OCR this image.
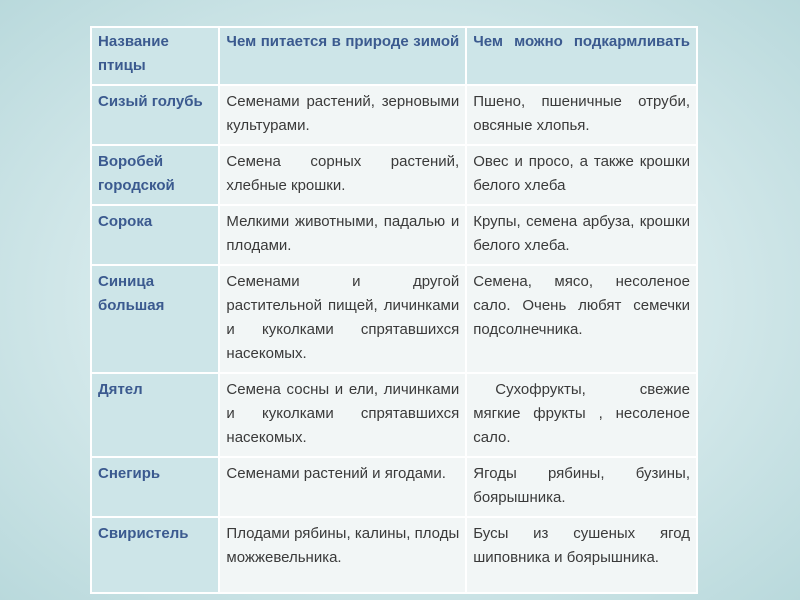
Название птицы	Чем питается в природе зимой	Чем можно подкармливать
Сизый голубь	Семенами растений, зерновыми культурами.	Пшено, пшеничные отруби, овсяные хлопья.
Воробей городской	Семена сорных растений, хлебные крошки.	Овес и просо, а также крошки белого хлеба
Сорока	Мелкими животными, падалью и плодами.	Крупы, семена арбуза, крошки белого хлеба.
Синица большая	Семенами и другой растительной пищей, личинками и куколками спрятавшихся насекомых.	Семена, мясо, несоленое сало. Очень любят семечки подсолнечника.
Дятел	Семена сосны и ели, личинками и куколками спрятавшихся насекомых.	Сухофрукты, свежие мягкие фрукты , несоленое сало.
Снегирь	Семенами растений и ягодами.	Ягоды рябины, бузины, боярышника.
Свиристель	Плодами рябины, калины, плоды можжевельника.	Бусы из сушеных ягод шиповника и боярышника.
